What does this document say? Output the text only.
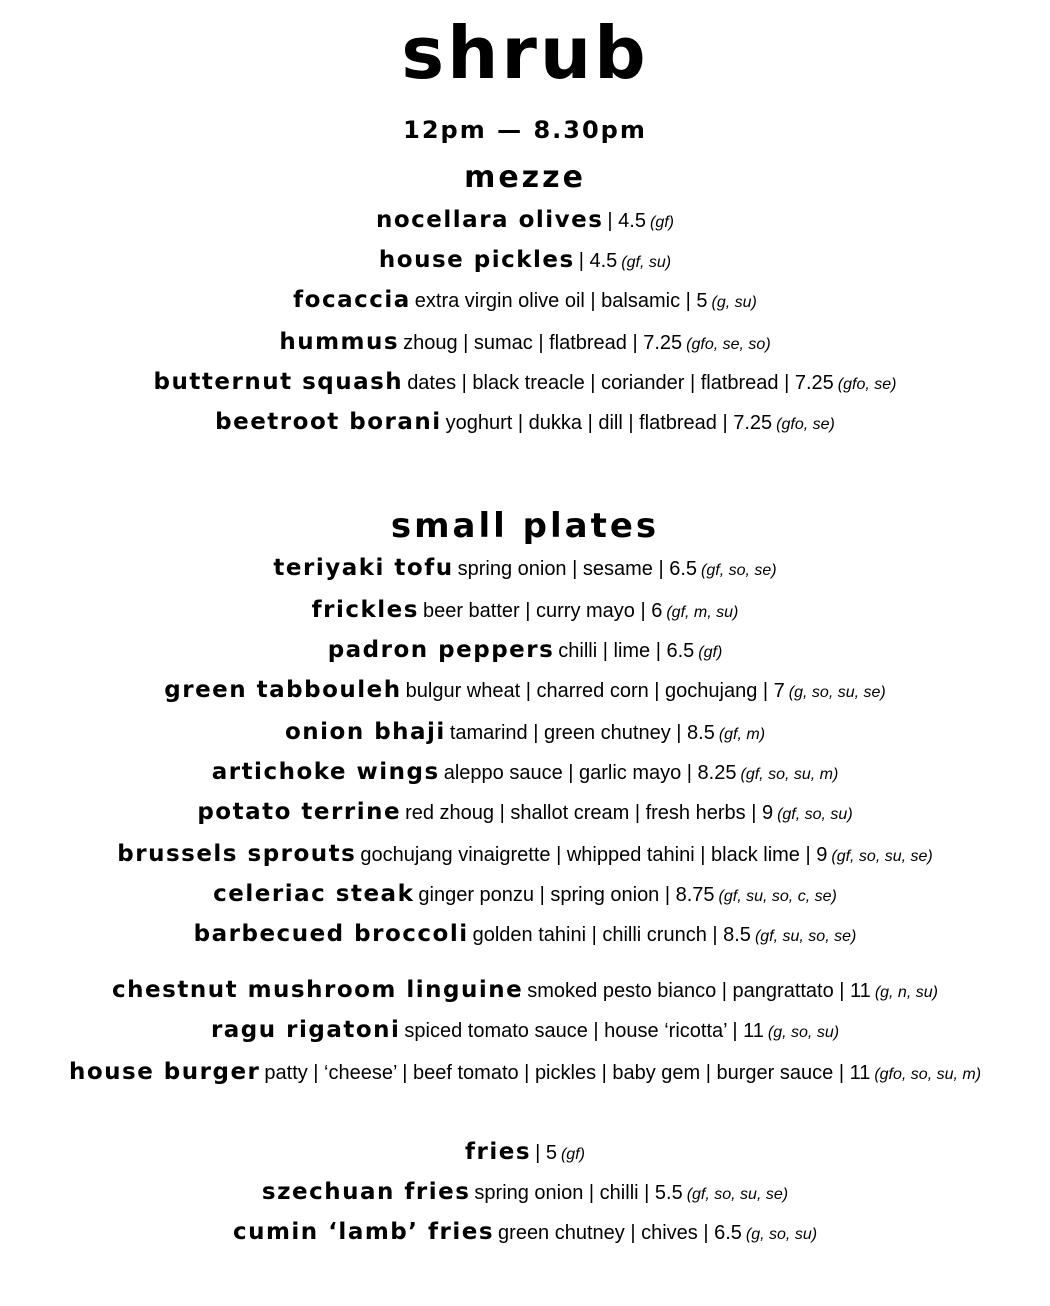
shrub
12pm — 8.30pm
mezze
nocellara olives | 4.5 (gf)
house pickles | 4.5 (gf, su)
focaccia extra virgin olive oil | balsamic | 5 (g, su)
hummus zhoug | sumac | flatbread | 7.25 (gfo, se, so)
butternut squash dates | black treacle | coriander | flatbread | 7.25 (gfo, se)
beetroot borani yoghurt | dukka | dill | flatbread | 7.25 (gfo, se)
small plates
teriyaki tofu spring onion | sesame | 6.5 (gf, so, se)
frickles beer batter | curry mayo | 6 (gf, m, su)
padron peppers chilli | lime | 6.5 (gf)
green tabbouleh bulgur wheat | charred corn | gochujang | 7 (g, so, su, se)
onion bhaji tamarind | green chutney | 8.5 (gf, m)
artichoke wings aleppo sauce | garlic mayo | 8.25 (gf, so, su, m)
potato terrine red zhoug | shallot cream | fresh herbs | 9 (gf, so, su)
brussels sprouts gochujang vinaigrette | whipped tahini | black lime | 9 (gf, so, su, se)
celeriac steak ginger ponzu | spring onion | 8.75 (gf, su, so, c, se)
barbecued broccoli golden tahini | chilli crunch | 8.5 (gf, su, so, se)
chestnut mushroom linguine smoked pesto bianco | pangrattato | 11 (g, n, su)
ragu rigatoni spiced tomato sauce | house ‘ricotta’ | 11 (g, so, su)
house burger patty | ‘cheese’ | beef tomato | pickles | baby gem | burger sauce | 11 (gfo, so, su, m)
fries | 5 (gf)
szechuan fries spring onion | chilli | 5.5 (gf, so, su, se)
cumin ‘lamb’ fries green chutney | chives | 6.5 (g, so, su)
